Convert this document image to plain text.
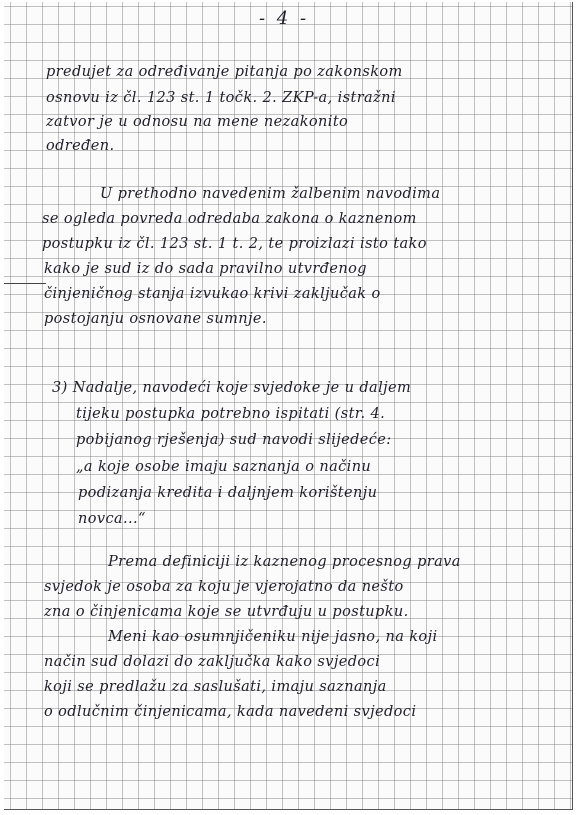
- 4 -
predujet za određivanje pitanja po zakonskom
osnovu iz čl. 123 st. 1 točk. 2. ZKP-a, istražni
zatvor je u odnosu na mene nezakonito
određen.
U prethodno navedenim žalbenim navodima
se ogleda povreda odredaba zakona o kaznenom
postupku iz čl. 123 st. 1 t. 2, te proizlazi isto tako
kako je sud iz do sada pravilno utvrđenog
činjeničnog stanja izvukao krivi zaključak o
postojanju osnovane sumnje.
3) Nadalje, navodeći koje svjedoke je u daljem
tijeku postupka potrebno ispitati (str. 4.
pobijanog rješenja) sud navodi slijedeće:
„a koje osobe imaju saznanja o načinu
podizanja kredita i daljnjem korištenju
novca...“
Prema definiciji iz kaznenog procesnog prava
svjedok je osoba za koju je vjerojatno da nešto
zna o činjenicama koje se utvrđuju u postupku.
Meni kao osumnjičeniku nije jasno, na koji
način sud dolazi do zaključka kako svjedoci
koji se predlažu za saslušati, imaju saznanja
o odlučnim činjenicama, kada navedeni svjedoci
